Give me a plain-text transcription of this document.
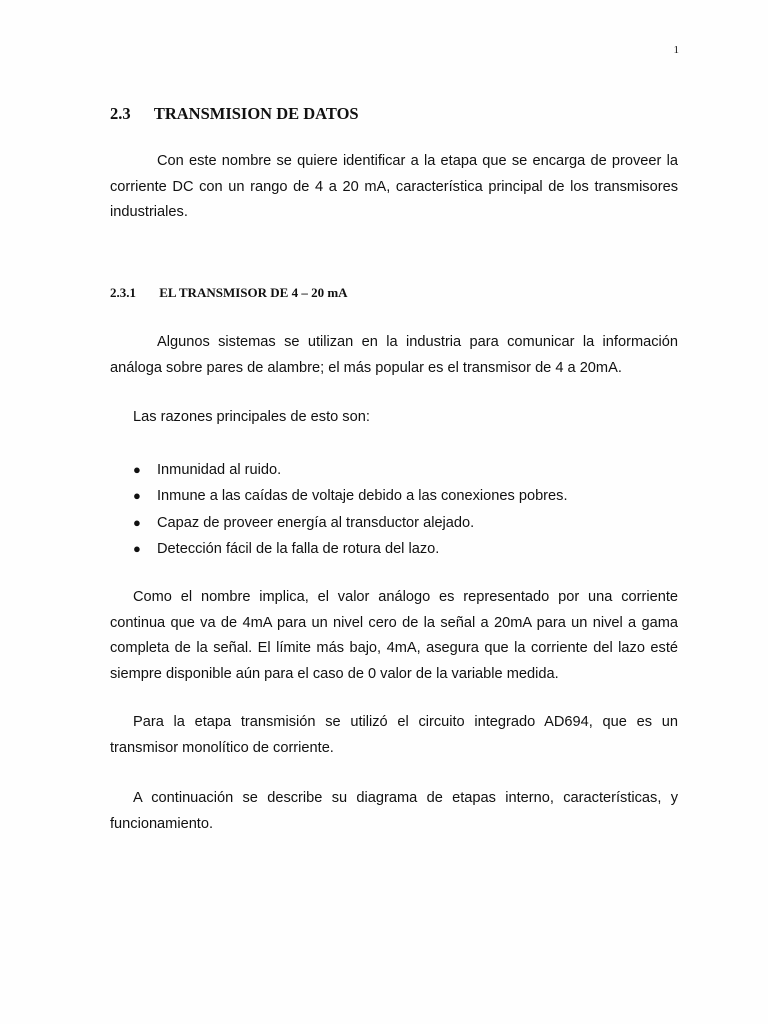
1
2.3 TRANSMISION DE DATOS

Con este nombre se quiere identificar a la etapa que se encarga de proveer la corriente DC con un rango de 4 a 20 mA, característica principal de los transmisores industriales.

2.3.1 EL TRANSMISOR DE 4 – 20 mA

Algunos sistemas se utilizan en la industria para comunicar la información análoga sobre pares de alambre; el más popular es el transmisor de 4 a 20mA.

Las razones principales de esto son:

● Inmunidad al ruido.
● Inmune a las caídas de voltaje debido a las conexiones pobres.
● Capaz de proveer energía al transductor alejado.
● Detección fácil de la falla de rotura del lazo.

Como el nombre implica, el valor análogo es representado por una corriente continua que va de 4mA para un nivel cero de la señal a 20mA para un nivel a gama completa de la señal. El límite más bajo, 4mA, asegura que la corriente del lazo esté siempre disponible aún para el caso de 0 valor de la variable medida.

Para la etapa transmisión se utilizó el circuito integrado AD694, que es un transmisor monolítico de corriente.

A continuación se describe su diagrama de etapas interno, características, y funcionamiento.
